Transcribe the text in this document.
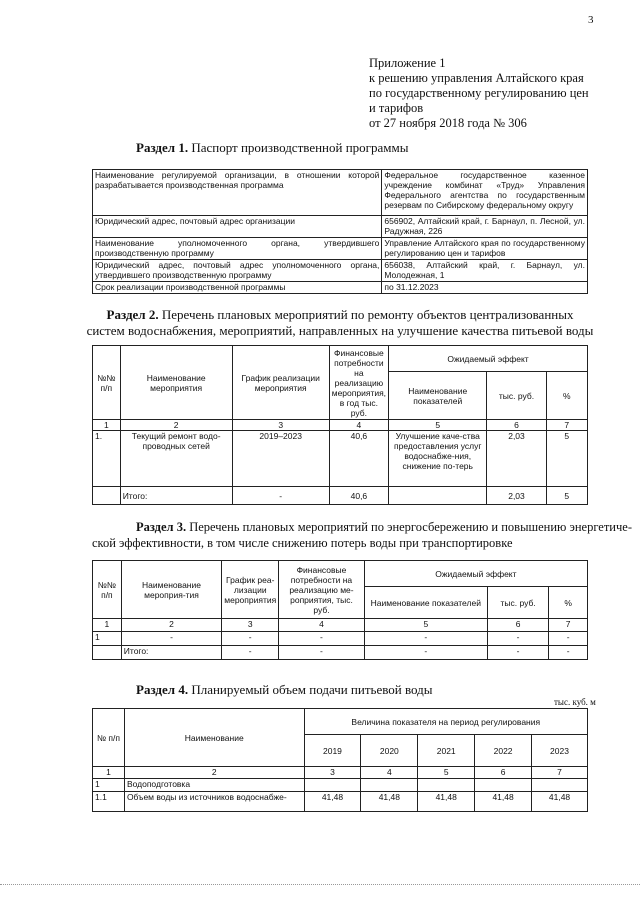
3
Приложение 1
к решению управления Алтайского края
по государственному регулированию цен
и тарифов
от 27 ноября 2018 года № 306
Раздел 1. Паспорт производственной программы
Наименование регулируемой организации, в отношении которой разрабатывается производственная программа	Федеральное государственное казенное учреждение комбинат «Труд» Управления Федерального агентства по государственным резервам по Сибирскому федеральному округу
Юридический адрес, почтовый адрес организации	656902, Алтайский край, г. Барнаул, п. Лесной, ул. Радужная, 226
Наименование уполномоченного органа, утвердившего производственную программу	Управление Алтайского края по государственному регулированию цен и тарифов
Юридический адрес, почтовый адрес уполномоченного органа, утвердившего производственную программу	656038, Алтайский край, г. Барнаул, ул. Молодежная, 1
Срок реализации производственной программы	по 31.12.2023
Раздел 2. Перечень плановых мероприятий по ремонту объектов централизованных
систем водоснабжения, мероприятий, направленных на улучшение качества питьевой воды
№№ п/п	Наименование мероприятия	График реализации мероприятия	Финансовые потребности на реализацию мероприятия, в год тыс. руб.	Ожидаемый эффект		
				Наименование показателей	тыс. руб.	%
1	2	3	4	5	6	7
1.	Текущий ремонт водо-проводных сетей	2019–2023	40,6	Улучшение каче-ства предоставления услуг водоснабже-ния, снижение по-терь	2,03	5
	Итого:	-	40,6		2,03	5
Раздел 3. Перечень плановых мероприятий по энергосбережению и повышению энергетиче-
ской эффективности, в том числе снижению потерь воды при транспортировке
№№ п/п	Наименование мероприя-тия	График реа-лизации мероприятия	Финансовые потребности на реализацию ме-роприятия, тыс. руб.	Ожидаемый эффект		
				Наименование показателей	тыс. руб.	%
1	2	3	4	5	6	7
1	-	-	-	-	-	-
	Итого:	-	-	-	-	-
Раздел 4. Планируемый объем подачи питьевой воды
тыс. куб. м
№ п/п	Наименование	Величина показателя на период регулирования				
		2019	2020	2021	2022	2023
1	2	3	4	5	6	7
1	Водоподготовка					
1.1	Объем воды из источников водоснабже-	41,48	41,48	41,48	41,48	41,48
